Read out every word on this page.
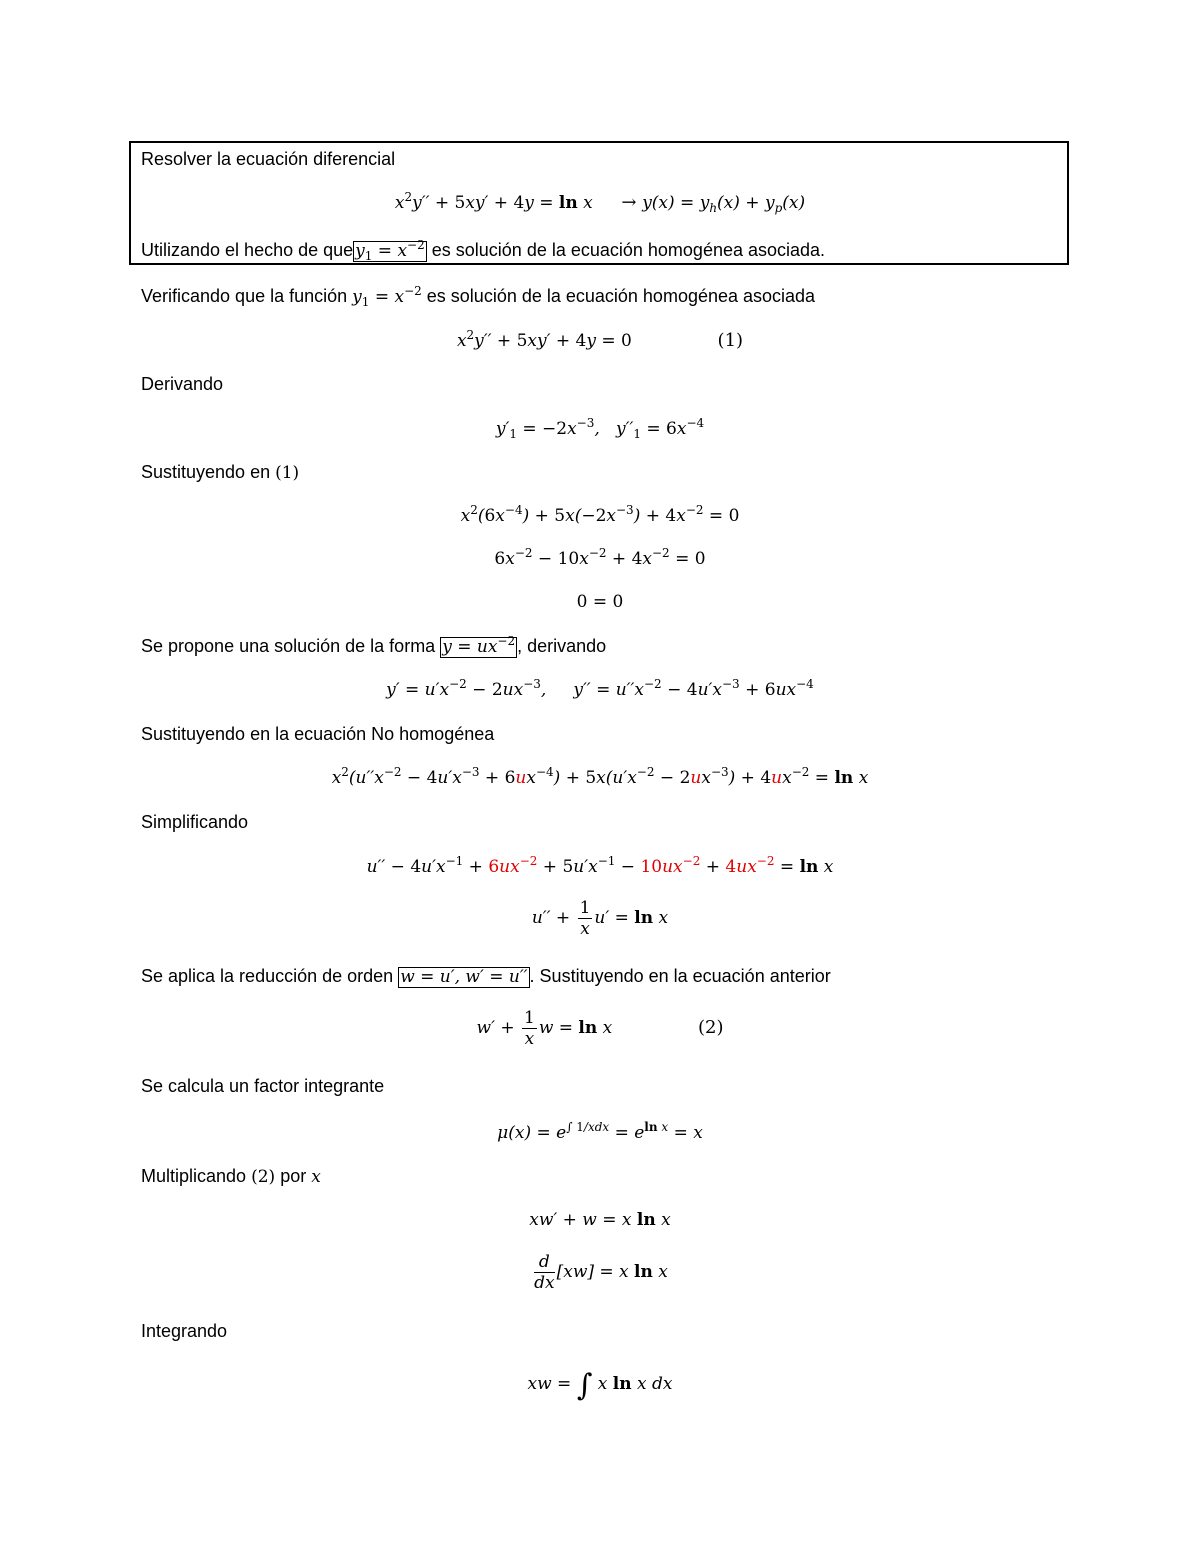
Resolver la ecuación diferencial
$x^2y'' + 5xy' + 4y = \ln x \to y(x) = y_h(x) + y_p(x)$
Utilizando el hecho de que $y_1 = x^{-2}$ es solución de la ecuación homogénea asociada.
Verificando que la función $y_1 = x^{-2}$ es solución de la ecuación homogénea asociada
$x^2y'' + 5xy' + 4y = 0$	(1)
Derivando
$y'_1 = -2x^{-3}$,   $y''_1 = 6x^{-4}$
Sustituyendo en (1)
$x^2(6x^{-4}) + 5x(-2x^{-3}) + 4x^{-2} = 0$
$6x^{-2} - 10x^{-2} + 4x^{-2} = 0$
0 = 0
Se propone una solución de la forma $y = ux^{-2}$ , derivando
$y' = u'x^{-2} - 2ux^{-3}$,     $y'' = u''x^{-2} - 4u'x^{-3} + 6ux^{-4}$
Sustituyendo en la ecuación No homogénea
$x^2(u''x^{-2} - 4u'x^{-3} + 6ux^{-4}) + 5x(u'x^{-2} - 2ux^{-3}) + 4ux^{-2} = \ln x$
Simplificando
$u'' - 4u'x^{-1} + 6ux^{-2} + 5u'x^{-1} - 10ux^{-2} + 4ux^{-2} = \ln x$
$u'' + \frac{1}{x} u' = \ln x$
Se aplica la reducción de orden w = u′, w′ = u′′ . Sustituyendo en la ecuación anterior
$w' + \frac{1}{x}$ w = ln x	(2)
Se calcula un factor integrante
$\mu(x) = e^{\int 1/xdx} = e^{ln x} = x$
Multiplicando (2) por x
xw′ + w = x ln x
$\frac{d}{dx} [xw] = x$ ln x
Integrando
xw = ∫ x ln x dx
